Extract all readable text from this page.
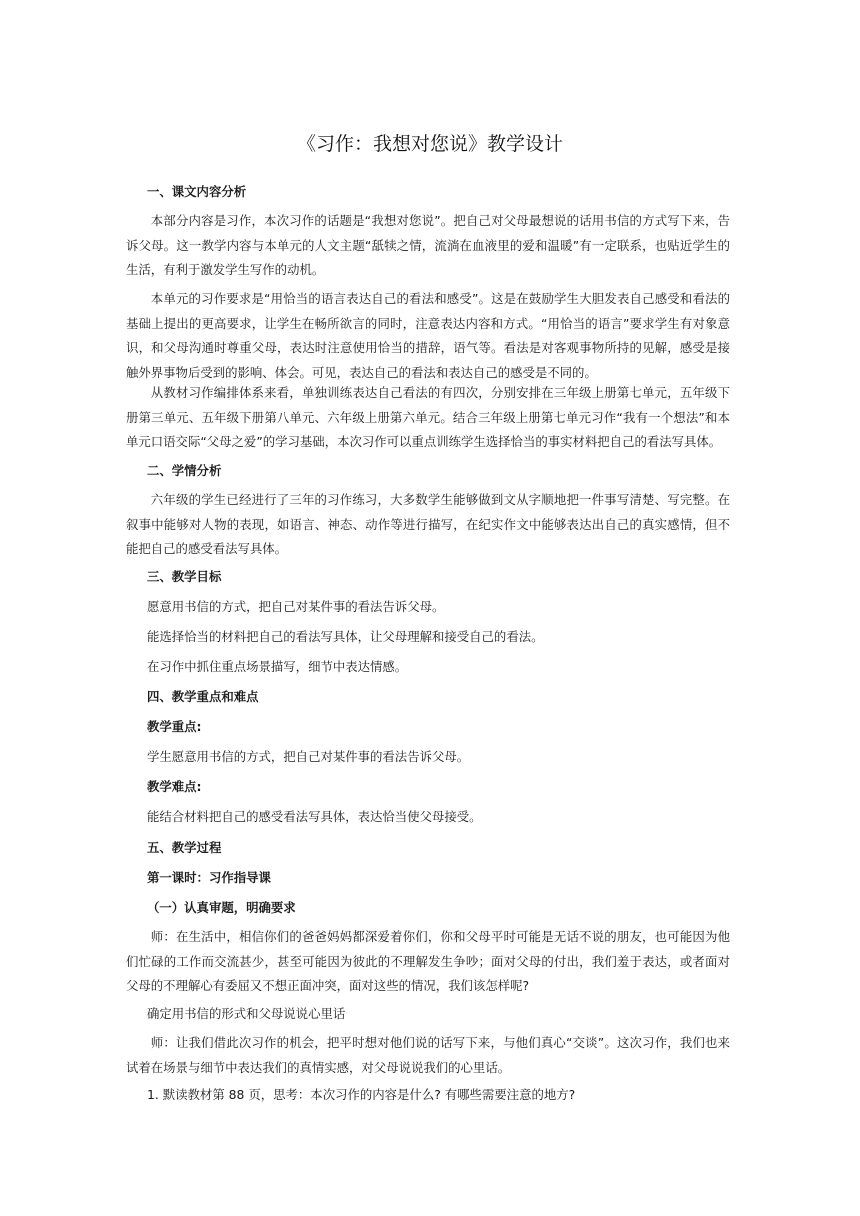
《习作：我想对您说》教学设计
一、课文内容分析
本部分内容是习作，本次习作的话题是“我想对您说”。把自己对父母最想说的话用书信的方式写下来，告诉父母。这一教学内容与本单元的人文主题“舐犊之情，流淌在血液里的爱和温暖”有一定联系，也贴近学生的生活，有利于激发学生写作的动机。
本单元的习作要求是“用恰当的语言表达自己的看法和感受”。这是在鼓励学生大胆发表自己感受和看法的基础上提出的更高要求，让学生在畅所欲言的同时，注意表达内容和方式。“用恰当的语言”要求学生有对象意识，和父母沟通时尊重父母，表达时注意使用恰当的措辞，语气等。看法是对客观事物所持的见解，感受是接触外界事物后受到的影响、体会。可见，表达自己的看法和表达自己的感受是不同的。
从教材习作编排体系来看，单独训练表达自己看法的有四次，分别安排在三年级上册第七单元，五年级下册第三单元、五年级下册第八单元、六年级上册第六单元。结合三年级上册第七单元习作“我有一个想法”和本单元口语交际“父母之爱”的学习基础，本次习作可以重点训练学生选择恰当的事实材料把自己的看法写具体。
二、学情分析
六年级的学生已经进行了三年的习作练习，大多数学生能够做到文从字顺地把一件事写清楚、写完整。在叙事中能够对人物的表现，如语言、神态、动作等进行描写，在纪实作文中能够表达出自己的真实感情，但不能把自己的感受看法写具体。
三、教学目标
愿意用书信的方式，把自己对某件事的看法告诉父母。
能选择恰当的材料把自己的看法写具体，让父母理解和接受自己的看法。
在习作中抓住重点场景描写，细节中表达情感。
四、教学重点和难点
教学重点:
学生愿意用书信的方式，把自己对某件事的看法告诉父母。
教学难点:
能结合材料把自己的感受看法写具体，表达恰当使父母接受。
五、教学过程
第一课时：习作指导课
（一）认真审题，明确要求
师：在生活中，相信你们的爸爸妈妈都深爱着你们，你和父母平时可能是无话不说的朋友，也可能因为他们忙碌的工作而交流甚少，甚至可能因为彼此的不理解发生争吵；面对父母的付出，我们羞于表达，或者面对父母的不理解心有委屈又不想正面冲突，面对这些的情况，我们该怎样呢?
确定用书信的形式和父母说说心里话
师：让我们借此次习作的机会，把平时想对他们说的话写下来，与他们真心“交谈”。这次习作，我们也来试着在场景与细节中表达我们的真情实感，对父母说说我们的心里话。
1. 默读教材第 88 页，思考：本次习作的内容是什么? 有哪些需要注意的地方?
